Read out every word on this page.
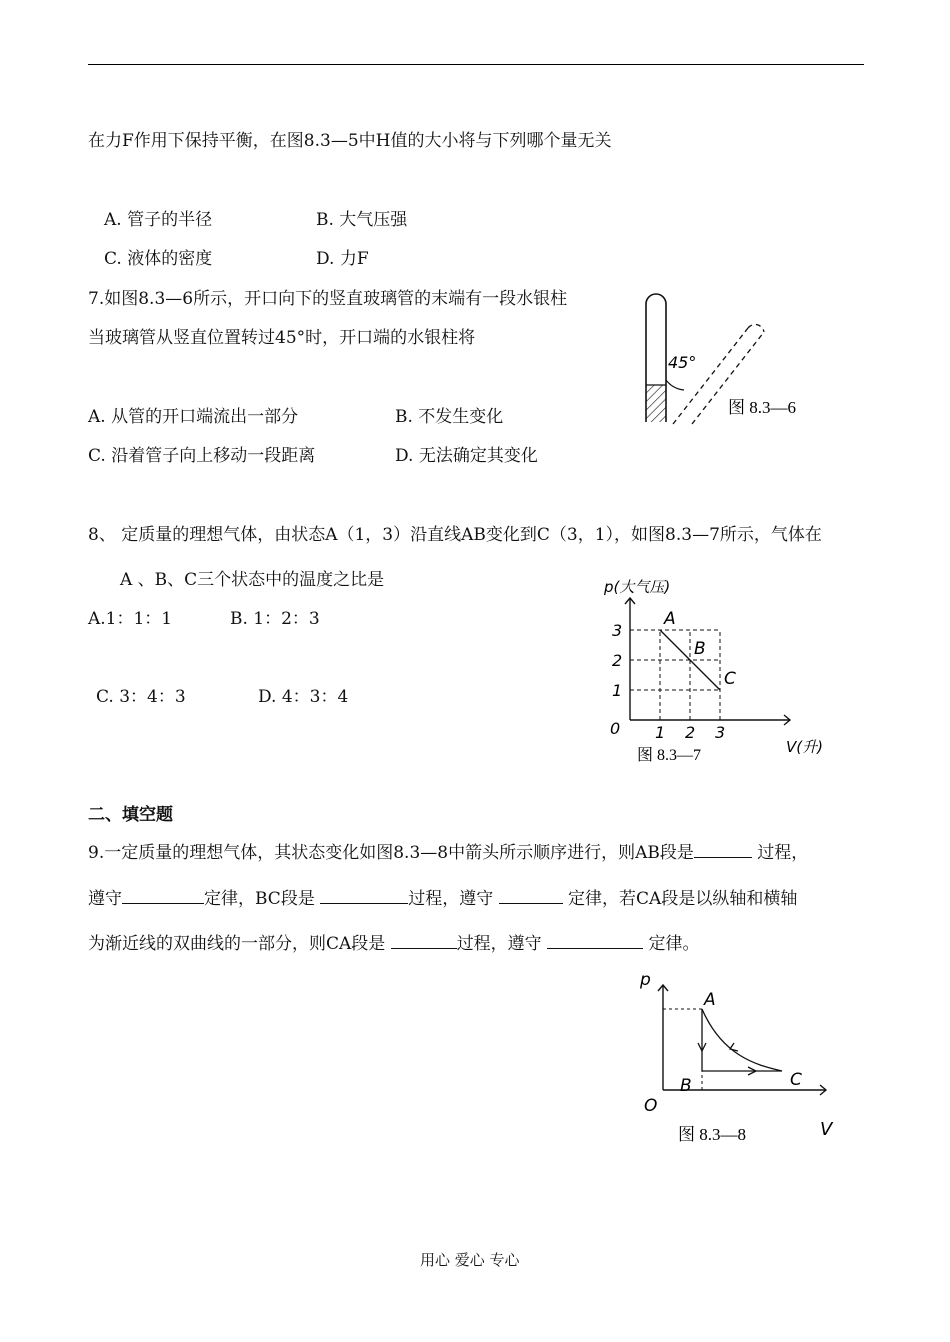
在力F作用下保持平衡，在图8.3—5中H值的大小将与下列哪个量无关
A. 管子的半径	B. 大气压强
C. 液体的密度	D. 力F
7.如图8.3—6所示，开口向下的竖直玻璃管的末端有一段水银柱
当玻璃管从竖直位置转过45°时，开口端的水银柱将
A. 从管的开口端流出一部分	B. 不发生变化
C. 沿着管子向上移动一段距离	D. 无法确定其变化
45°
图 8.3—6
8、 定质量的理想气体，由状态A（1，3）沿直线AB变化到C（3，1），如图8.3—7所示，气体在
A 、B、C三个状态中的温度之比是
A.1：1：1	B. 1：2：3
C. 3：4：3	D. 4：3：4
p(大气压)
V(升)
0
A
B
C
1 2 3
1
2
3
图 8.3—7
二、填空题
9.一定质量的理想气体，其状态变化如图8.3—8中箭头所示顺序进行，则AB段是	过程，
遵守	定律，BC段是	过程，遵守	定律，若CA段是以纵轴和横轴
为渐近线的双曲线的一部分，则CA段是	过程，遵守	定律。
p
V
O
A
B	C
图 8.3—8
用心 爱心 专心
